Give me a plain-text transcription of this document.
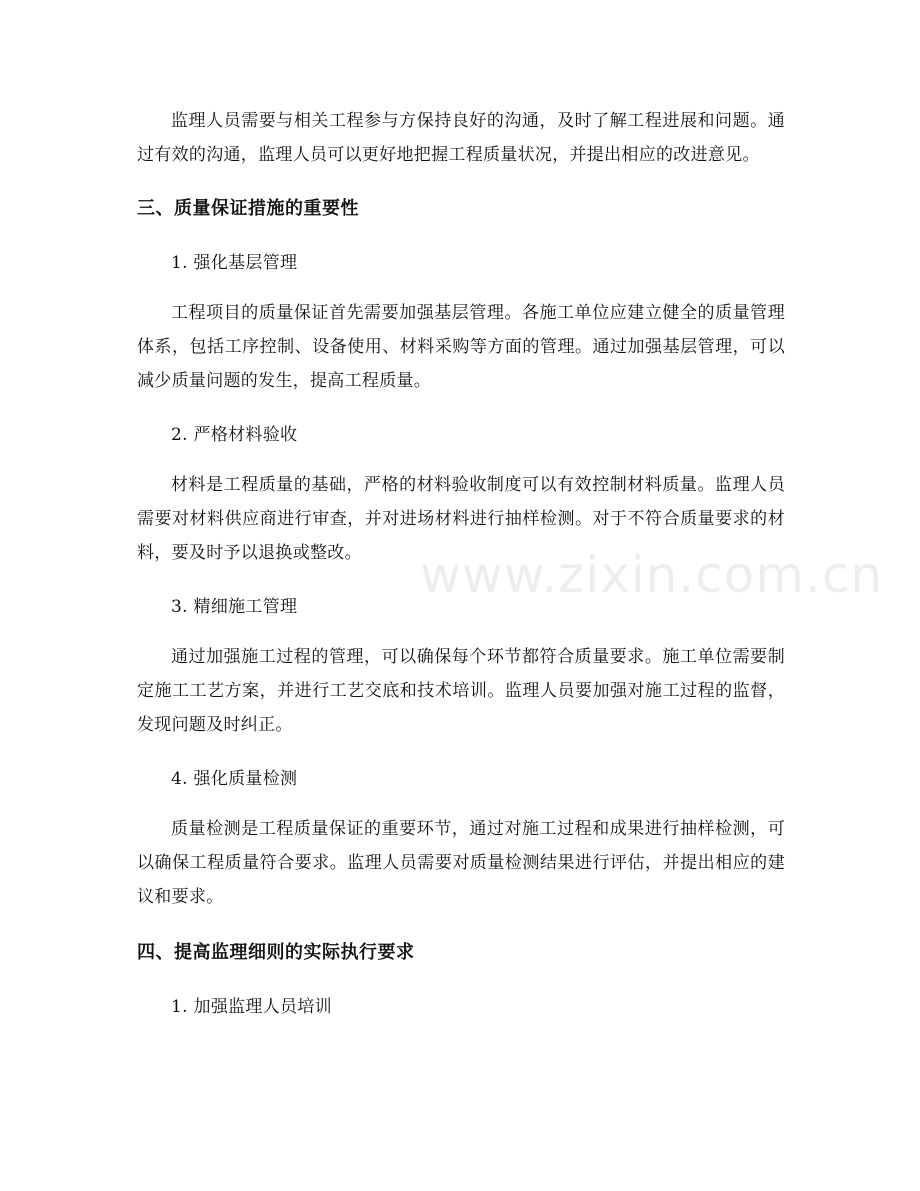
监理人员需要与相关工程参与方保持良好的沟通，及时了解工程进展和问题。通过有效的沟通，监理人员可以更好地把握工程质量状况，并提出相应的改进意见。

三、质量保证措施的重要性

1. 强化基层管理

工程项目的质量保证首先需要加强基层管理。各施工单位应建立健全的质量管理体系，包括工序控制、设备使用、材料采购等方面的管理。通过加强基层管理，可以减少质量问题的发生，提高工程质量。

2. 严格材料验收

材料是工程质量的基础，严格的材料验收制度可以有效控制材料质量。监理人员需要对材料供应商进行审查，并对进场材料进行抽样检测。对于不符合质量要求的材料，要及时予以退换或整改。

3. 精细施工管理

通过加强施工过程的管理，可以确保每个环节都符合质量要求。施工单位需要制定施工工艺方案，并进行工艺交底和技术培训。监理人员要加强对施工过程的监督，发现问题及时纠正。

4. 强化质量检测

质量检测是工程质量保证的重要环节，通过对施工过程和成果进行抽样检测，可以确保工程质量符合要求。监理人员需要对质量检测结果进行评估，并提出相应的建议和要求。

四、提高监理细则的实际执行要求

1. 加强监理人员培训

www.zixin.com.cn
